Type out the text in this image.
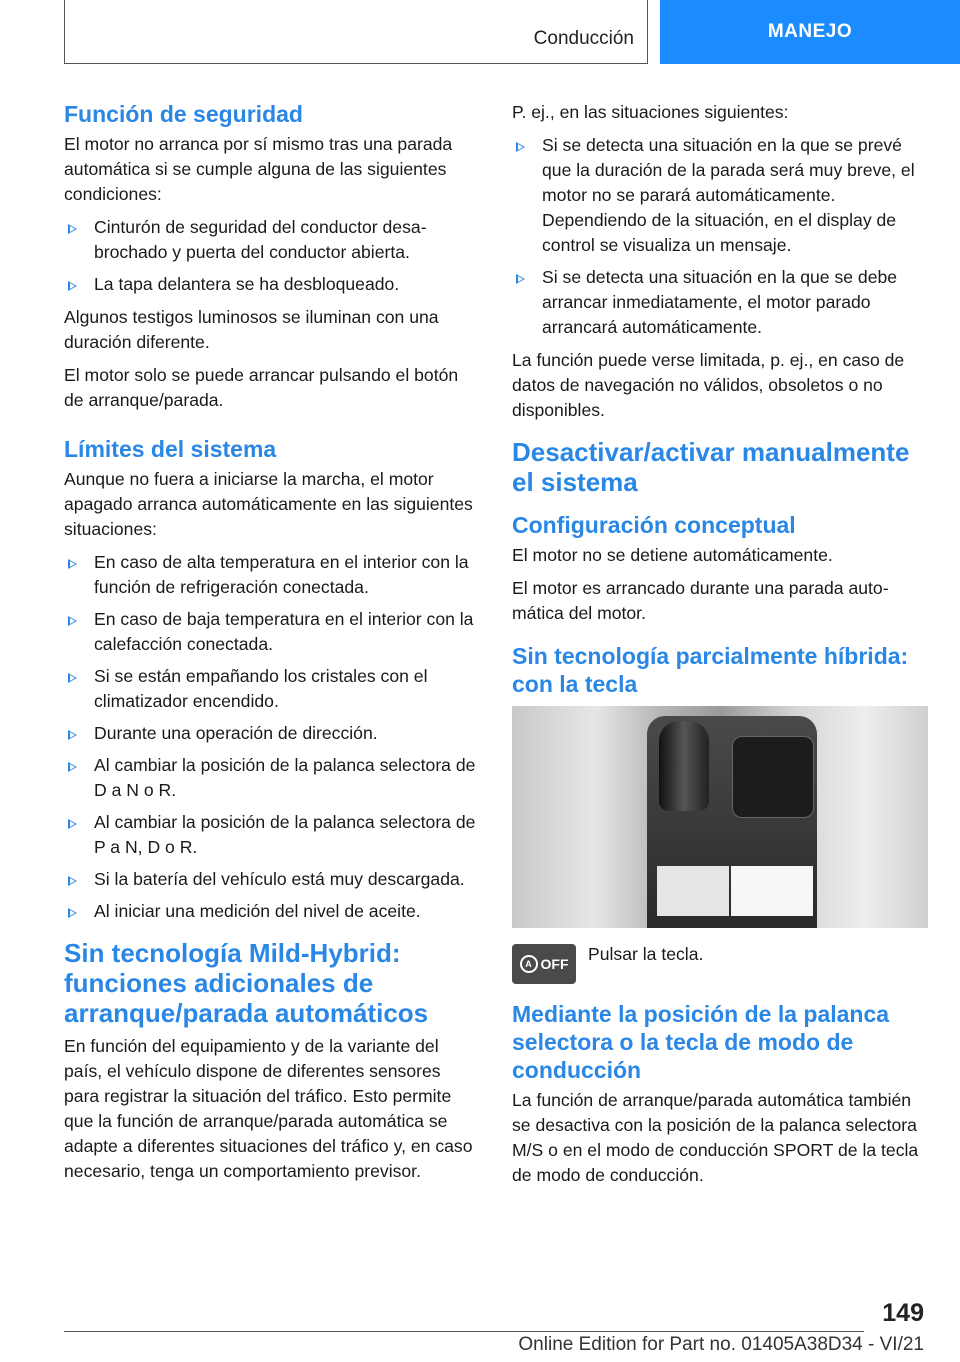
Conducción	MANEJO
Función de seguridad

El motor no arranca por sí mismo tras una parada automática si se cumple alguna de las siguientes condiciones:

Cinturón de seguridad del conductor desabrochado y puerta del conductor abierta.
La tapa delantera se ha desbloqueado.

Algunos testigos luminosos se iluminan con una duración diferente.

El motor solo se puede arrancar pulsando el botón de arranque/parada.

Límites del sistema

Aunque no fuera a iniciarse la marcha, el motor apagado arranca automáticamente en las siguientes situaciones:

En caso de alta temperatura en el interior con la función de refrigeración conectada.
En caso de baja temperatura en el interior con la calefacción conectada.
Si se están empañando los cristales con el climatizador encendido.
Durante una operación de dirección.
Al cambiar la posición de la palanca selectora de D a N o R.
Al cambiar la posición de la palanca selectora de P a N, D o R.
Si la batería del vehículo está muy descargada.
Al iniciar una medición del nivel de aceite.
Sin tecnología Mild-Hybrid: funciones adicionales de arranque/parada automáticos

En función del equipamiento y de la variante del país, el vehículo dispone de diferentes sensores para registrar la situación del tráfico. Esto permite que la función de arranque/parada automática se adapte a diferentes situaciones del tráfico y, en caso necesario, tenga un comportamiento previsor.

P. ej., en las situaciones siguientes:

Si se detecta una situación en la que se prevé que la duración de la parada será muy breve, el motor no se parará automáticamente. Dependiendo de la situación, en el display de control se visualiza un mensaje.
Si se detecta una situación en la que se debe arrancar inmediatamente, el motor parado arrancará automáticamente.

La función puede verse limitada, p. ej., en caso de datos de navegación no válidos, obsoletos o no disponibles.

Desactivar/activar manualmente el sistema
Configuración conceptual

El motor no se detiene automáticamente.

El motor es arrancado durante una parada automática del motor.

Sin tecnología parcialmente híbrida: con la tecla
A OFF Pulsar la tecla.

Mediante la posición de la palanca selectora o la tecla de modo de conducción

La función de arranque/parada automática también se desactiva con la posición de la palanca selectora M/S o en el modo de conducción SPORT de la tecla de modo de conducción.

149
Online Edition for Part no. 01405A38D34 - VI/21
